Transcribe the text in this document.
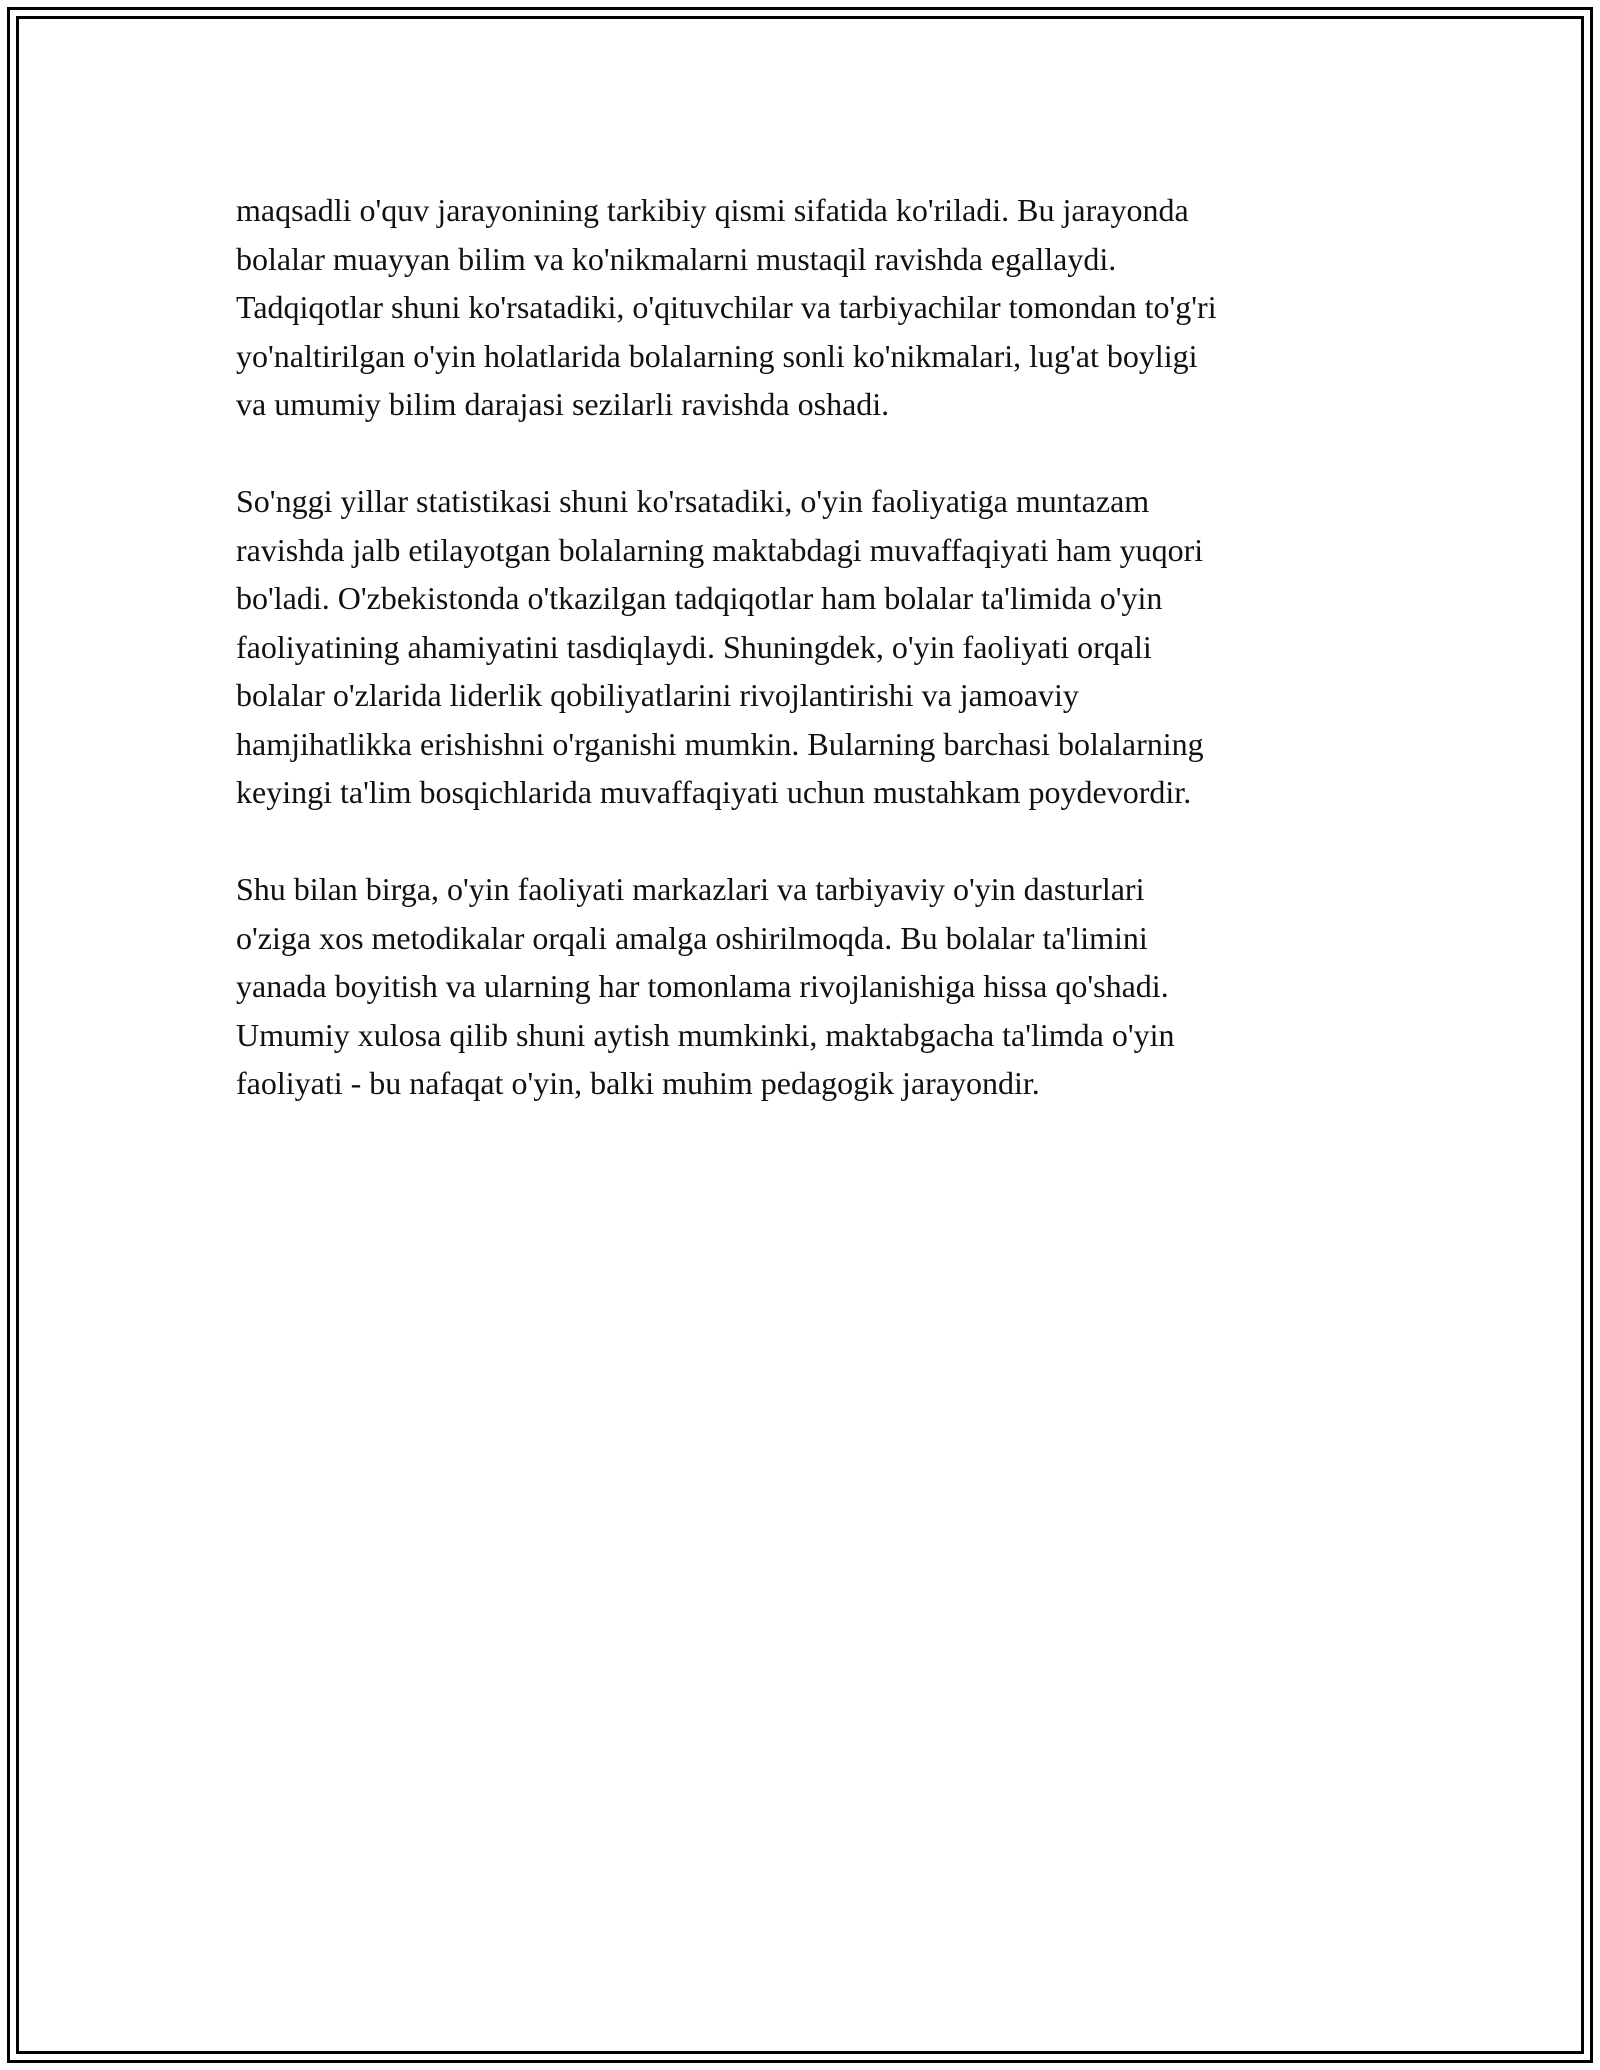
maqsadli o'quv jarayonining tarkibiy qismi sifatida ko'riladi. Bu jarayonda
bolalar muayyan bilim va ko'nikmalarni mustaqil ravishda egallaydi.
Tadqiqotlar shuni ko'rsatadiki, o'qituvchilar va tarbiyachilar tomondan to'g'ri
yo'naltirilgan o'yin holatlarida bolalarning sonli ko'nikmalari, lug'at boyligi
va umumiy bilim darajasi sezilarli ravishda oshadi.

So'nggi yillar statistikasi shuni ko'rsatadiki, o'yin faoliyatiga muntazam
ravishda jalb etilayotgan bolalarning maktabdagi muvaffaqiyati ham yuqori
bo'ladi. O'zbekistonda o'tkazilgan tadqiqotlar ham bolalar ta'limida o'yin
faoliyatining ahamiyatini tasdiqlaydi. Shuningdek, o'yin faoliyati orqali
bolalar o'zlarida liderlik qobiliyatlarini rivojlantirishi va jamoaviy
hamjihatlikka erishishni o'rganishi mumkin. Bularning barchasi bolalarning
keyingi ta'lim bosqichlarida muvaffaqiyati uchun mustahkam poydevordir.

Shu bilan birga, o'yin faoliyati markazlari va tarbiyaviy o'yin dasturlari
o'ziga xos metodikalar orqali amalga oshirilmoqda. Bu bolalar ta'limini
yanada boyitish va ularning har tomonlama rivojlanishiga hissa qo'shadi.
Umumiy xulosa qilib shuni aytish mumkinki, maktabgacha ta'limda o'yin
faoliyati - bu nafaqat o'yin, balki muhim pedagogik jarayondir.
